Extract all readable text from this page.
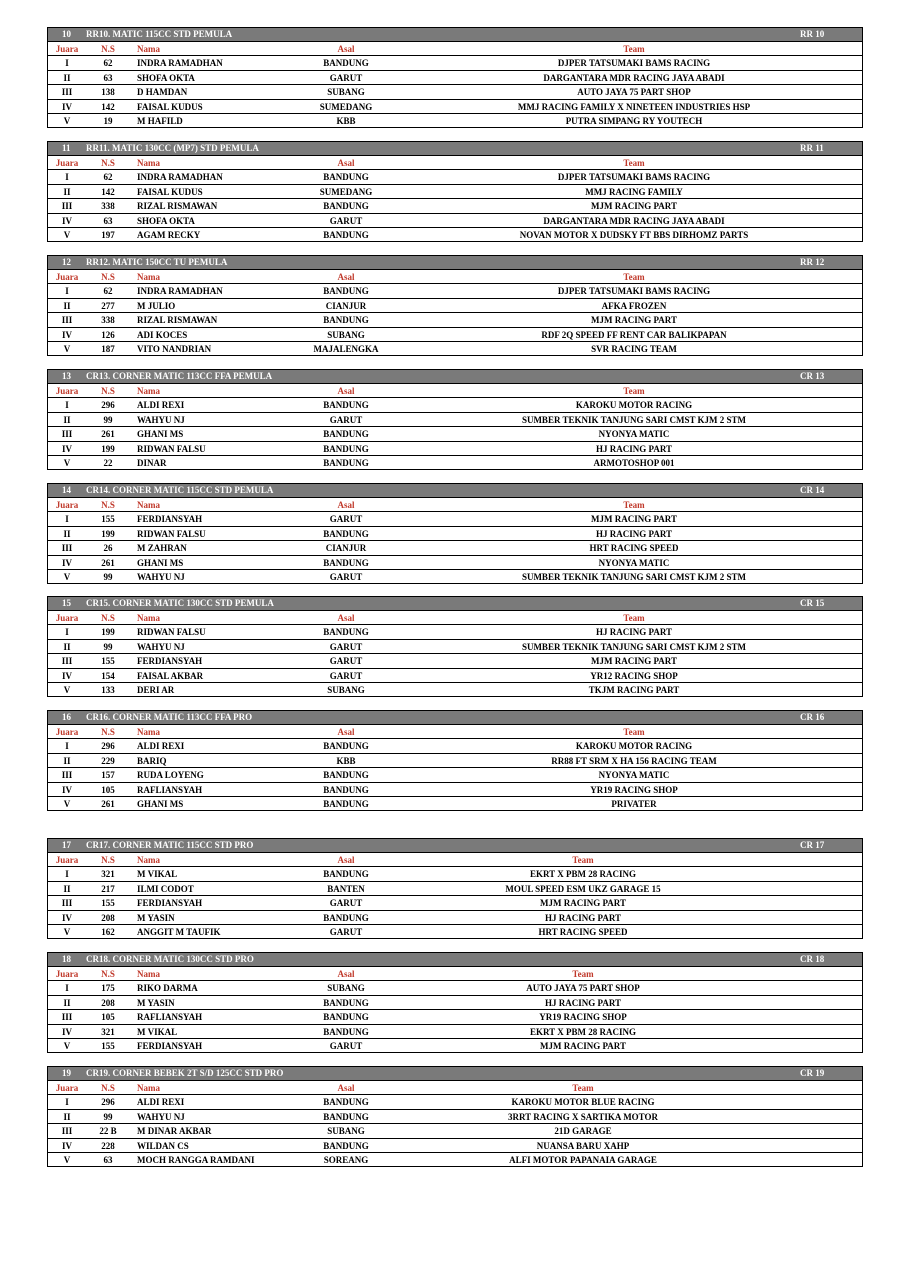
10 RR10. MATIC 115CC STD PEMULA	RR 10
Juara	N.S	Nama	Asal	Team
I	62	INDRA RAMADHAN	BANDUNG	DJPER TATSUMAKI BAMS RACING
II	63	SHOFA OKTA	GARUT	DARGANTARA MDR RACING JAYA ABADI
III	138	D HAMDAN	SUBANG	AUTO JAYA 75 PART SHOP
IV	142	FAISAL KUDUS	SUMEDANG	MMJ RACING FAMILY X NINETEEN INDUSTRIES HSP
V	19	M HAFILD	KBB	PUTRA SIMPANG RY YOUTECH
11 RR11. MATIC 130CC (MP7) STD PEMULA	RR 11
Juara	N.S	Nama	Asal	Team
I	62	INDRA RAMADHAN	BANDUNG	DJPER TATSUMAKI BAMS RACING
II	142	FAISAL KUDUS	SUMEDANG	MMJ RACING FAMILY
III	338	RIZAL RISMAWAN	BANDUNG	MJM RACING PART
IV	63	SHOFA OKTA	GARUT	DARGANTARA MDR RACING JAYA ABADI
V	197	AGAM RECKY	BANDUNG	NOVAN MOTOR X DUDSKY FT BBS DIRHOMZ PARTS
12 RR12. MATIC 150CC TU PEMULA	RR 12
Juara	N.S	Nama	Asal	Team
I	62	INDRA RAMADHAN	BANDUNG	DJPER TATSUMAKI BAMS RACING
II	277	M JULIO	CIANJUR	AFKA FROZEN
III	338	RIZAL RISMAWAN	BANDUNG	MJM RACING PART
IV	126	ADI KOCES	SUBANG	RDF 2Q SPEED FF RENT CAR BALIKPAPAN
V	187	VITO NANDRIAN	MAJALENGKA	SVR RACING TEAM
13 CR13. CORNER MATIC 113CC FFA PEMULA	CR 13
Juara	N.S	Nama	Asal	Team
I	296	ALDI REXI	BANDUNG	KAROKU MOTOR RACING
II	99	WAHYU NJ	GARUT	SUMBER TEKNIK TANJUNG SARI CMST KJM 2 STM
III	261	GHANI MS	BANDUNG	NYONYA MATIC
IV	199	RIDWAN FALSU	BANDUNG	HJ RACING PART
V	22	DINAR	BANDUNG	ARMOTOSHOP 001
14 CR14. CORNER MATIC 115CC STD PEMULA	CR 14
Juara	N.S	Nama	Asal	Team
I	155	FERDIANSYAH	GARUT	MJM RACING PART
II	199	RIDWAN FALSU	BANDUNG	HJ RACING PART
III	26	M ZAHRAN	CIANJUR	HRT RACING SPEED
IV	261	GHANI MS	BANDUNG	NYONYA MATIC
V	99	WAHYU NJ	GARUT	SUMBER TEKNIK TANJUNG SARI CMST KJM 2 STM
15 CR15. CORNER MATIC 130CC STD PEMULA	CR 15
Juara	N.S	Nama	Asal	Team
I	199	RIDWAN FALSU	BANDUNG	HJ RACING PART
II	99	WAHYU NJ	GARUT	SUMBER TEKNIK TANJUNG SARI CMST KJM 2 STM
III	155	FERDIANSYAH	GARUT	MJM RACING PART
IV	154	FAISAL AKBAR	GARUT	YR12 RACING SHOP
V	133	DERI AR	SUBANG	TKJM RACING PART
16 CR16. CORNER MATIC 113CC FFA PRO	CR 16
Juara	N.S	Nama	Asal	Team
I	296	ALDI REXI	BANDUNG	KAROKU MOTOR RACING
II	229	BARIQ	KBB	RR88 FT SRM X HA 156 RACING TEAM
III	157	RUDA LOYENG	BANDUNG	NYONYA MATIC
IV	105	RAFLIANSYAH	BANDUNG	YR19 RACING SHOP
V	261	GHANI MS	BANDUNG	PRIVATER
17 CR17. CORNER MATIC 115CC STD PRO	CR 17
Juara	N.S	Nama	Asal	Team
I	321	M VIKAL	BANDUNG	EKRT X PBM 28 RACING
II	217	ILMI CODOT	BANTEN	MOUL SPEED ESM UKZ GARAGE 15
III	155	FERDIANSYAH	GARUT	MJM RACING PART
IV	208	M YASIN	BANDUNG	HJ RACING PART
V	162	ANGGIT M TAUFIK	GARUT	HRT RACING SPEED
18 CR18. CORNER MATIC 130CC STD PRO	CR 18
Juara	N.S	Nama	Asal	Team
I	175	RIKO DARMA	SUBANG	AUTO JAYA 75 PART SHOP
II	208	M YASIN	BANDUNG	HJ RACING PART
III	105	RAFLIANSYAH	BANDUNG	YR19 RACING SHOP
IV	321	M VIKAL	BANDUNG	EKRT X PBM 28 RACING
V	155	FERDIANSYAH	GARUT	MJM RACING PART
19 CR19. CORNER BEBEK 2T S/D 125CC STD PRO	CR 19
Juara	N.S	Nama	Asal	Team
I	296	ALDI REXI	BANDUNG	KAROKU MOTOR BLUE RACING
II	99	WAHYU NJ	BANDUNG	3RRT RACING X SARTIKA MOTOR
III	22 B	M DINAR AKBAR	SUBANG	21D GARAGE
IV	228	WILDAN CS	BANDUNG	NUANSA BARU XAHP
V	63	MOCH RANGGA RAMDANI	SOREANG	ALFI MOTOR PAPANAIA GARAGE
